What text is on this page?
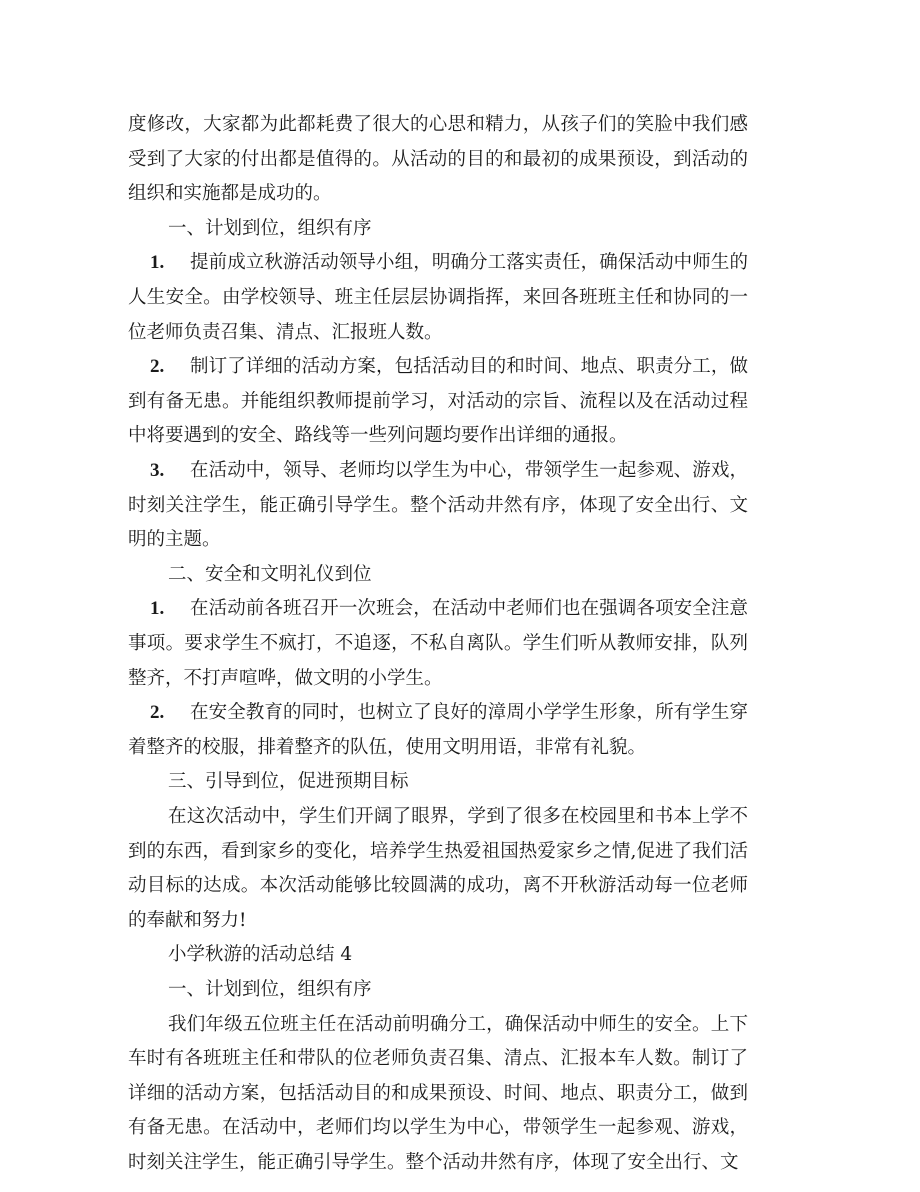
度修改，大家都为此都耗费了很大的心思和精力，从孩子们的笑脸中我们感
受到了大家的付出都是值得的。从活动的目的和最初的成果预设，到活动的
组织和实施都是成功的。
一、计划到位，组织有序
1. 提前成立秋游活动领导小组，明确分工落实责任，确保活动中师生的
人生安全。由学校领导、班主任层层协调指挥，来回各班班主任和协同的一
位老师负责召集、清点、汇报班人数。
2. 制订了详细的活动方案，包括活动目的和时间、地点、职责分工，做
到有备无患。并能组织教师提前学习，对活动的宗旨、流程以及在活动过程
中将要遇到的安全、路线等一些列问题均要作出详细的通报。
3. 在活动中，领导、老师均以学生为中心，带领学生一起参观、游戏，
时刻关注学生，能正确引导学生。整个活动井然有序，体现了安全出行、文
明的主题。
二、安全和文明礼仪到位
1. 在活动前各班召开一次班会，在活动中老师们也在强调各项安全注意
事项。要求学生不疯打，不追逐，不私自离队。学生们听从教师安排，队列
整齐，不打声喧哗，做文明的小学生。
2. 在安全教育的同时，也树立了良好的漳周小学学生形象，所有学生穿
着整齐的校服，排着整齐的队伍，使用文明用语，非常有礼貌。
三、引导到位，促进预期目标
在这次活动中，学生们开阔了眼界，学到了很多在校园里和书本上学不
到的东西，看到家乡的变化，培养学生热爱祖国热爱家乡之情,促进了我们活
动目标的达成。本次活动能够比较圆满的成功，离不开秋游活动每一位老师
的奉献和努力!
小学秋游的活动总结 4
一、计划到位，组织有序
我们年级五位班主任在活动前明确分工，确保活动中师生的安全。上下
车时有各班班主任和带队的位老师负责召集、清点、汇报本车人数。制订了
详细的活动方案，包括活动目的和成果预设、时间、地点、职责分工，做到
有备无患。在活动中，老师们均以学生为中心，带领学生一起参观、游戏，
时刻关注学生，能正确引导学生。整个活动井然有序，体现了安全出行、文
